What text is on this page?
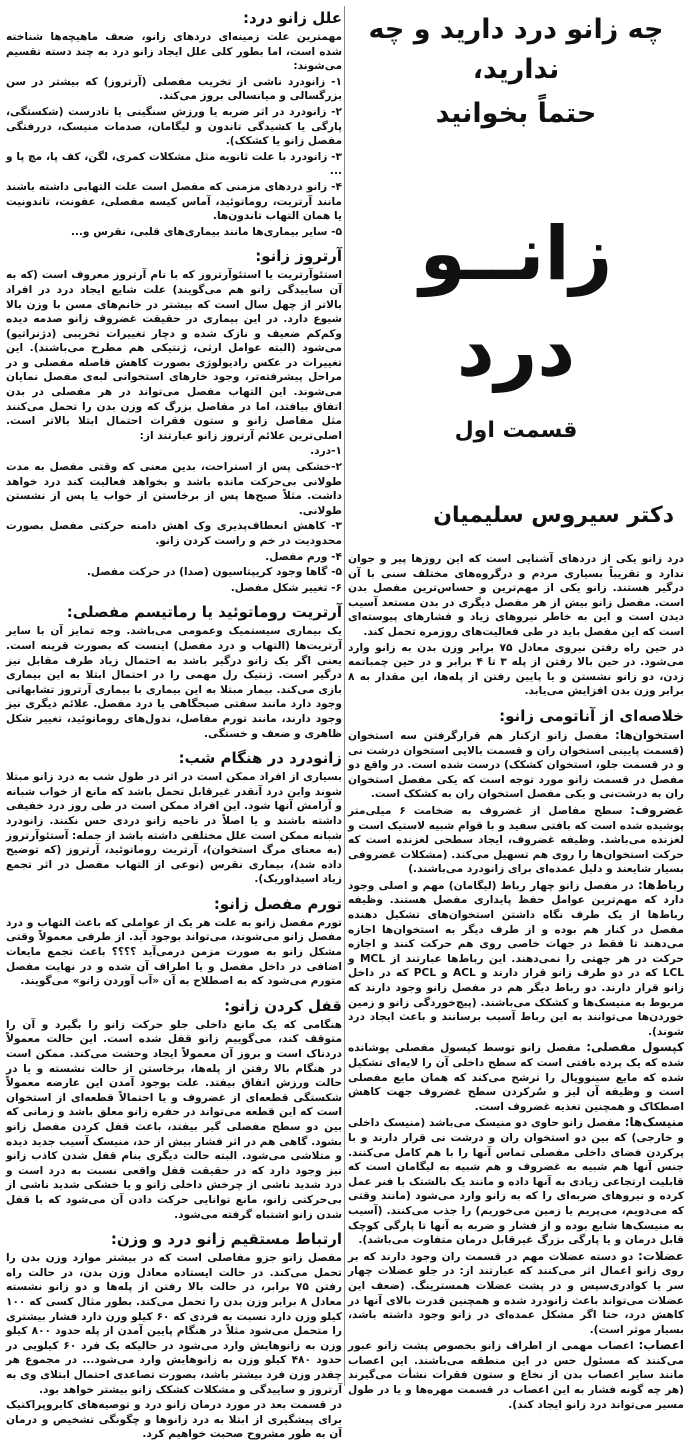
چه زانو درد دارید و چه ندارید،
حتماً بخوانید
زانــو درد
قسمت اول
دکتر سیروس سلیمیان

درد زانو یکی از دردهای آشنایی است که این روزها پیر و جوان ندارد و تقریباً بسیاری مردم و درگروه‌های مختلف سنی با آن درگیر هستند. زانو یکی از مهم‌ترین و حساس‌ترین مفصل بدن است. مفصل زانو بیش از هر مفصل دیگری در بدن مستعد آسیب دیدن است و این به خاطر نیروهای زیاد و فشارهای پیوسته‌ای است که این مفصل باید در طی فعالیت‌های روزمره تحمل کند.

در حین راه رفتن نیروی معادل ۷۵ برابر وزن بدن به زانو وارد می‌شود. در حین بالا رفتن از پله ۳ تا ۴ برابر و در حین چمباتمه زدن، دو زانو نشستن و یا پایین رفتن از پله‌ها، این مقدار به ۸ برابر وزن بدن افزایش می‌یابد.

خلاصه‌ای از آناتومی زانو:

استخوان‌ها: مفصل زانو ازکنار هم قرارگرفتن سه استخوان (قسمت پایینی استخوان ران و قسمت بالایی استخوان درشت نی و در قسمت جلو، استخوان کشکک) درست شده است. در واقع دو مفصل در قسمت زانو مورد توجه است که یکی مفصل استخوان ران به درشت‌نی و یکی مفصل استخوان ران به کشکک است.

غضروف: سطح مفاصل از غضروف به ضخامت ۶ میلی‌متر پوشیده شده است که بافتی سفید و با قوام شبیه لاستیک است و لغزنده می‌باشد. وظیفه غضروف، ایجاد سطحی لغزنده است که حرکت استخوان‌ها را روی هم تسهیل می‌کند. (مشکلات غضروفی بسیار شایعند و دلیل عمده‌ای برای زانودرد می‌باشند.)

رباط‌ها: در مفصل زانو چهار رباط (لیگامان) مهم و اصلی وجود دارد که مهم‌ترین عوامل حفظ پایداری مفصل هستند. وظیفه رباط‌ها از یک طرف نگاه داشتن استخوان‌های تشکیل دهنده مفصل در کنار هم بوده و از طرف دیگر به استخوان‌ها اجازه می‌دهند تا فقط در جهات خاصی روی هم حرکت کنند و اجازه حرکت در هر جهتی را نمی‌دهند. این رباط‌ها عبارتند از MCL و LCL که در دو طرف زانو قرار دارند و ACL و PCL که در داخل زانو قرار دارند. دو رباط دیگر هم در مفصل زانو وجود دارند که مربوط به منیسک‌ها و کشکک می‌باشند. (پیچ‌خوردگی زانو و زمین خوردن‌ها می‌توانند به این رباط آسیب برسانند و باعث ایجاد درد شوند).

کپسول مفصلی: مفصل زانو توسط کپسول مفصلی پوشانده شده که یک پرده بافتی است که سطح داخلی آن را لایه‌ای تشکیل شده که مایع سینوویال را ترشح می‌کند که همان مایع مفصلی است و وظیفه آن لیز و سُرکردن سطح غضروف جهت کاهش اصطکاک و همچنین تغذیه غضروف است.

منیسک‌ها: مفصل زانو حاوی دو منیسک می‌باشد (منیسک داخلی و خارجی) که بین دو استخوان ران و درشت نی قرار دارند و با پرکردن فضای داخلی مفصلی تماس آنها را با هم کامل می‌کنند. جنس آنها هم شبیه به غضروف و هم شبیه به لیگامان است که قابلیت ارتجاعی زیادی به آنها داده و مانند یک بالشتک با فنر عمل کرده و نیروهای ضربه‌ای را که به زانو وارد می‌شود (مانند وقتی که می‌دویم، می‌پریم یا زمین می‌خوریم) را جذب می‌کنند. (آسیب به منیسک‌ها شایع بوده و از فشار و ضربه به آنها تا پارگی کوچک قابل درمان و یا پارگی بزرگ غیرقابل درمان متفاوت می‌باشد).

عضلات: دو دسته عضلات مهم در قسمت ران وجود دارند که بر روی زانو اعمال اثر می‌کنند که عبارتند از: در جلو عضلات چهار سر یا کوادری‌سپس و در پشت عضلات همسترینگ. (ضعف این عضلات می‌تواند باعث زانودرد شده و همچنین قدرت بالای آنها در کاهش درد، حتا اگر مشکل عمده‌ای در زانو وجود داشته باشد، بسیار موثر است).

اعصاب: اعصاب مهمی از اطراف زانو بخصوص پشت زانو عبور می‌کنند که مسئول حس در این منطقه می‌باشند. این اعصاب مانند سایر اعصاب بدن از نخاع و ستون فقرات نشأت می‌گیرند (هر چه گونه فشار به این اعصاب در قسمت مهره‌ها و یا در طول مسیر می‌تواند درد زانو ایجاد کند).

علل زانو درد:

مهمترین علت زمینه‌ای دردهای زانو، ضعف ماهیچه‌ها شناخته شده است، اما بطور کلی علل ایجاد زانو درد به چند دسته تقسیم می‌شوند:

۱- زانودرد ناشی از تخریب مفصلی (آرتروز) که بیشتر در سن بزرگسالی و میانسالی بروز می‌کند.

۲- زانودرد در اثر ضربه یا ورزش سنگینی یا نادرست (شکستگی، پارگی یا کشیدگی تاندون و لیگامان، صدمات منیسک، دررفتگی مفصل زانو یا کشکک).

۳- زانودرد با علت ثانویه مثل مشکلات کمری، لگن، کف پا، مچ پا و ...

۴- زانو دردهای مزمنی که مفصل است علت التهابی داشته باشند مانند آرتریت، روماتوئید، آماس کیسه مفصلی، عفونت، تاندونیت یا همان التهاب تاندون‌ها.

۵- سایر بیماری‌ها مانند بیماری‌های قلبی، نقرس و...

آرتروز زانو:

استئوآرتریت یا استئوآرتروز که با نام آرتروز معروف است (که به آن ساییدگی زانو هم می‌گویند) علت شایع ایجاد درد در افراد بالاتر از چهل سال است که بیشتر در خانم‌های مسن با وزن بالا شیوع دارد. در این بیماری در حقیقت غضروف زانو صدمه دیده وکم‌کم ضعیف و نازک شده و دچار تغییرات تخریبی (دژنراتیو) می‌شود (البته عوامل ارثی، ژنتیکی هم مطرح می‌باشند). این تغییرات در عکس رادیولوژی بصورت کاهش فاصله مفصلی و در مراحل پیشرفته‌تر، وجود خارهای استخوانی لبه‌ی مفصل نمایان می‌شوند. این التهاب مفصل می‌تواند در هر مفصلی در بدن اتفاق بیافتد، اما در مفاصل بزرگ که وزن بدن را تحمل می‌کنند مثل مفاصل زانو و ستون فقرات احتمال ابتلا بالاتر است. اصلی‌ترین علائم آرتروز زانو عبارتند از:

۱-درد.

۲-خشکی پس از استراحت، بدین معنی که وقتی مفصل به مدت طولانی بی‌حرکت مانده باشد و بخواهد فعالیت کند درد خواهد داشت. مثلاً صبح‌ها پس از برخاستن از خواب یا پس از نشستن طولانی.

۳- کاهش انعطاف‌پذیری وک اهش دامنه حرکتی مفصل بصورت محدودیت در خم و راست کردن زانو.

۴- ورم مفصل.

۵- گاها وجود کریپتاسیون (صدا) در حرکت مفصل.

۶- تغییر شکل مفصل.

آرتریت روماتوئید یا رماتیسم مفصلی:

یک بیماری سیستمیک وعمومی می‌باشد. وجه تمایز آن با سایر آرتریت‌ها (التهاب و درد مفصل) اینست که بصورت قرینه است. یعنی اگر یک زانو درگیر باشد به احتمال زیاد طرف مقابل نیز درگیر است. ژنتیک رل مهمی را در احتمال ابتلا به این بیماری بازی می‌کند. بیمار مبتلا به این بیماری با بیماری آرتروز تشابهاتی وجود دارد مانند سفتی صبحگاهی یا درد مفصل. علائم دیگری نیز وجود دارند، مانند تورم مفاصل، ندول‌های روماتوئید، تغییر شکل ظاهری و ضعف و خستگی.

زانودرد در هنگام شب:

بسیاری از افراد ممکن است در اثر در طول شب به درد زانو مبتلا شوند واین درد آنقدر غیرقابل تحمل باشد که مانع از خواب شبانه و آرامش آنها شود. این افراد ممکن است در طی روز درد خفیفی داشته باشند و یا اصلاً در ناحیه زانو دردی حس نکنند. زانودرد شبانه ممکن است علل مختلفی داشته باشد از جمله: آستئوآرتروز (به معنای مرگ استخوان)، آرتریت روماتوئید، آرتروز (که توضیح داده شد)، بیماری نقرس (نوعی از التهاب مفصل در اثر تجمع زیاد اسیداوریک).

تورم مفصل زانو:

تورم مفصل زانو به علت هر یک از عواملی که باعث التهاب و درد مفصل زانو می‌شوند، می‌تواند بوجود آید. از طرفی معمولاً وقتی مشکل زانو به صورت مزمن درمی‌آید ؟؟؟؟ باعث تجمع مایعات اضافی در داخل مفصل و یا اطراف آن شده و در نهایت مفصل متورم می‌شود که به اصطلاح به آن «آب آوردن زانو» می‌گویند.

قفل کردن زانو:

هنگامی که یک مانع داخلی جلو حرکت زانو را بگیرد و آن را متوقف کند، می‌گوییم زانو قفل شده است. این حالت معمولاً دردناک است و بروز آن معمولاً ایجاد وحشت می‌کند. ممکن است در هنگام بالا رفتن از پله‌ها، برخاستن از حالت نشسته و یا در حالت ورزش اتفاق بیفتد. علت بوجود آمدن این عارضه معمولاً شکستگی قطعه‌ای از غضروف و یا احتمالاً قطعه‌ای از استخوان است که این قطعه می‌تواند در حفره زانو معلق باشد و زمانی که بین دو سطح مفصلی گیر بیفتد، باعث قفل کردن مفصل زانو بشود. گاهی هم در اثر فشار بیش از حد، منیسک آسیب جدید دیده و متلاشی می‌شود. البته حالت دیگری بنام قفل شدن کاذب زانو نیز وجود دارد که در حقیقت قفل واقعی نسبت به درد است و درد شدید ناشی از چرخش داخلی زانو و یا خشکی شدید ناشی از بی‌حرکتی زانو، مانع توانایی حرکت دادن آن می‌شود که با قفل شدن زانو اشتباه گرفته می‌شود.

ارتباط مستقیم زانو درد و وزن:

مفصل زانو جزو مفاصلی است که در بیشتر موارد وزن بدن را تحمل می‌کند. در حالت ایستاده معادل وزن بدن، در حالت راه رفتن ۷۵ برابر، در حالت بالا رفتن از پله‌ها و دو زانو نشسته معادل ۸ برابر وزن بدن را تحمل می‌کند. بطور مثال کسی که ۱۰۰ کیلو وزن دارد نسبت به فردی که ۶۰ کیلو وزن دارد فشار بیشتری را متحمل می‌شود مثلاً در هنگام پایین آمدن از پله حدود ۸۰۰ کیلو وزن به زانوهایش وارد می‌شود در حالیکه یک فرد ۶۰ کیلویی در حدود ۴۸۰ کیلو وزن به زانوهایش وارد می‌شود... در مجموع هر چقدر وزن فرد بیشتر باشد، بصورت تصاعدی احتمال ابتلای وی به آرتروز و ساییدگی و مشکلات کشکک زانو بیشتر خواهد بود.

در قسمت بعد در مورد درمان زانو درد و توصیه‌های کایروپراکتیک برای پیشگیری از ابتلا به درد زانوها و چگونگی تشخیص و درمان آن به طور مشروح صحبت خواهیم کرد.
